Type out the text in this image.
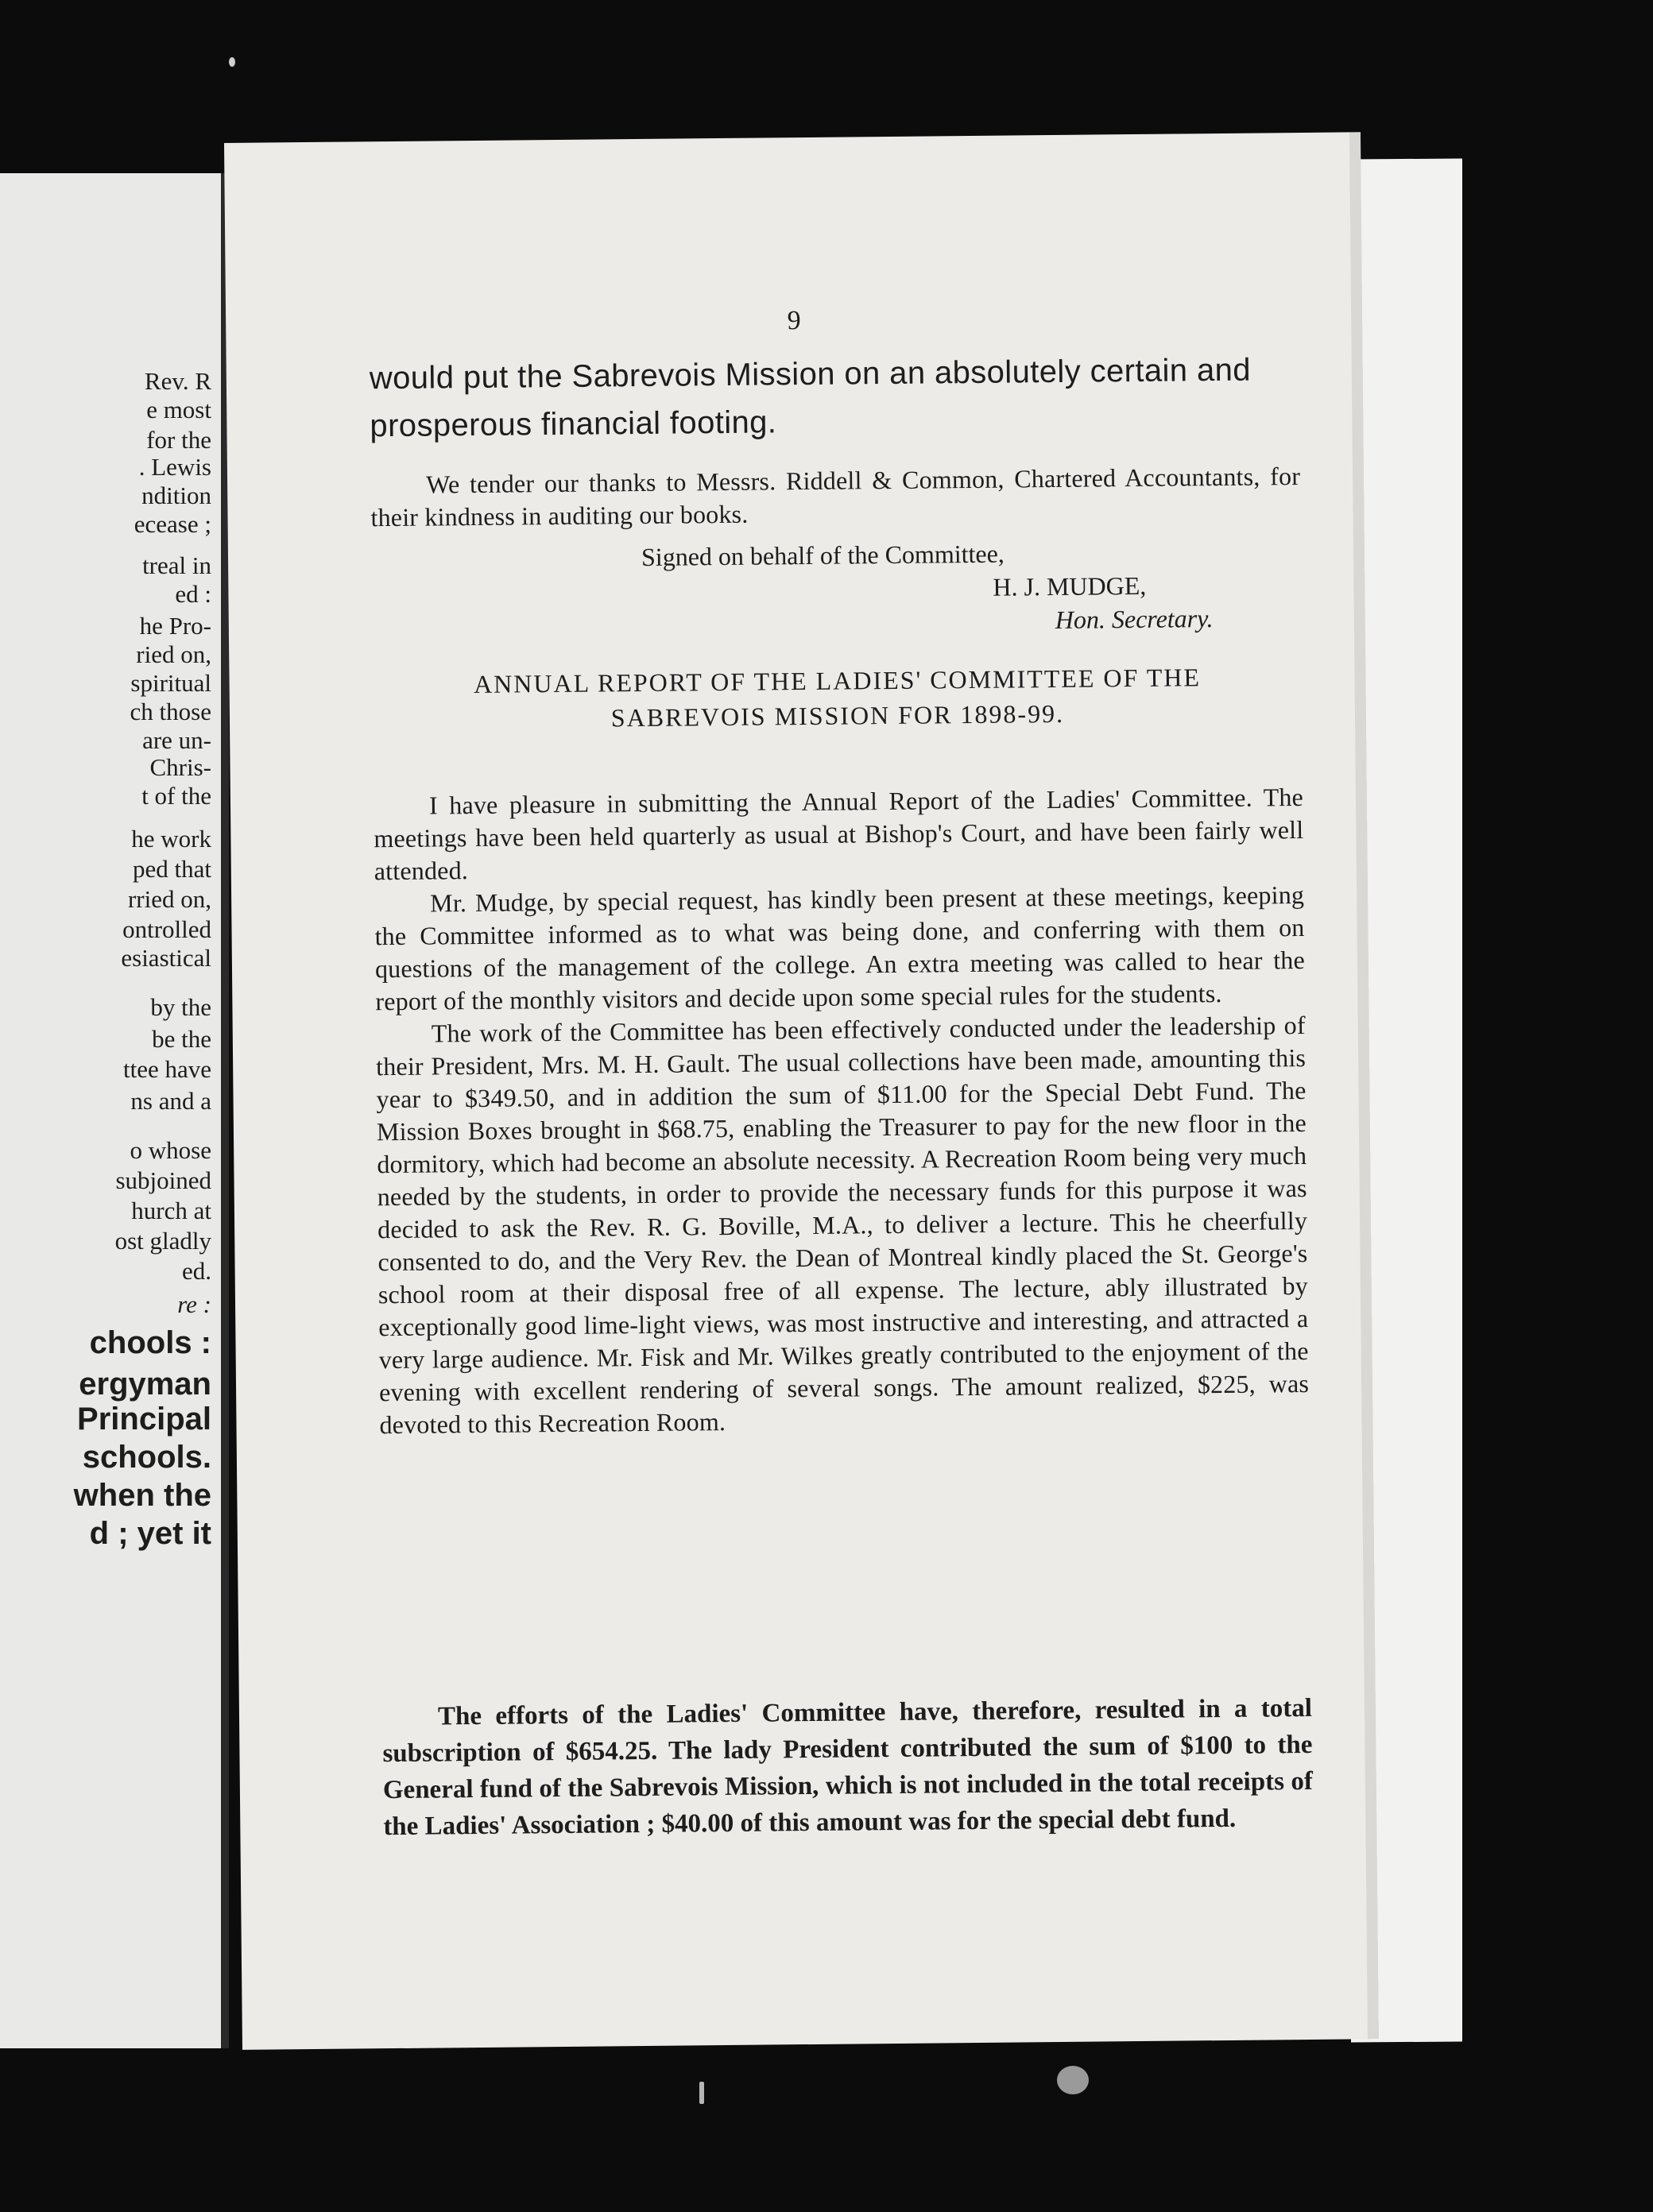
Rev. R
e most
for the
. Lewis
ndition
ecease ;
treal in
ed :
he Pro-
ried on,
spiritual
ch those
are un-
Chris-
t of the
he work
ped that
rried on,
ontrolled
esiastical
by the
be the
ttee have
ns and a
o whose
subjoined
hurch at
ost gladly
ed.
re :
chools :
ergyman
Principal
schools.
when the
d ; yet it
9
would put the Sabrevois Mission on an absolutely certain and prosperous financial footing.

We tender our thanks to Messrs. Riddell & Common, Chartered Accountants, for their kindness in auditing our books.

Signed on behalf of the Committee,
H. J. MUDGE,
Hon. Secretary.
ANNUAL REPORT OF THE LADIES' COMMITTEE OF THE
SABREVOIS MISSION FOR 1898-99.

I have pleasure in submitting the Annual Report of the Ladies' Committee. The meetings have been held quarterly as usual at Bishop's Court, and have been fairly well attended.

Mr. Mudge, by special request, has kindly been present at these meetings, keeping the Committee informed as to what was being done, and conferring with them on questions of the management of the college. An extra meeting was called to hear the report of the monthly visitors and decide upon some special rules for the students.

The work of the Committee has been effectively conducted under the leadership of their President, Mrs. M. H. Gault. The usual collections have been made, amounting this year to $349.50, and in addition the sum of $11.00 for the Special Debt Fund. The Mission Boxes brought in $68.75, enabling the Treasurer to pay for the new floor in the dormitory, which had become an absolute necessity. A Recreation Room being very much needed by the students, in order to provide the necessary funds for this purpose it was decided to ask the Rev. R. G. Boville, M.A., to deliver a lecture. This he cheerfully consented to do, and the Very Rev. the Dean of Montreal kindly placed the St. George's school room at their disposal free of all expense. The lecture, ably illustrated by exceptionally good lime-light views, was most instructive and interesting, and attracted a very large audience. Mr. Fisk and Mr. Wilkes greatly contributed to the enjoyment of the evening with excellent rendering of several songs. The amount realized, $225, was devoted to this Recreation Room.

The efforts of the Ladies' Committee have, therefore, resulted in a total subscription of $654.25. The lady President contributed the sum of $100 to the General fund of the Sabrevois Mission, which is not included in the total receipts of the Ladies' Association ; $40.00 of this amount was for the special debt fund.
